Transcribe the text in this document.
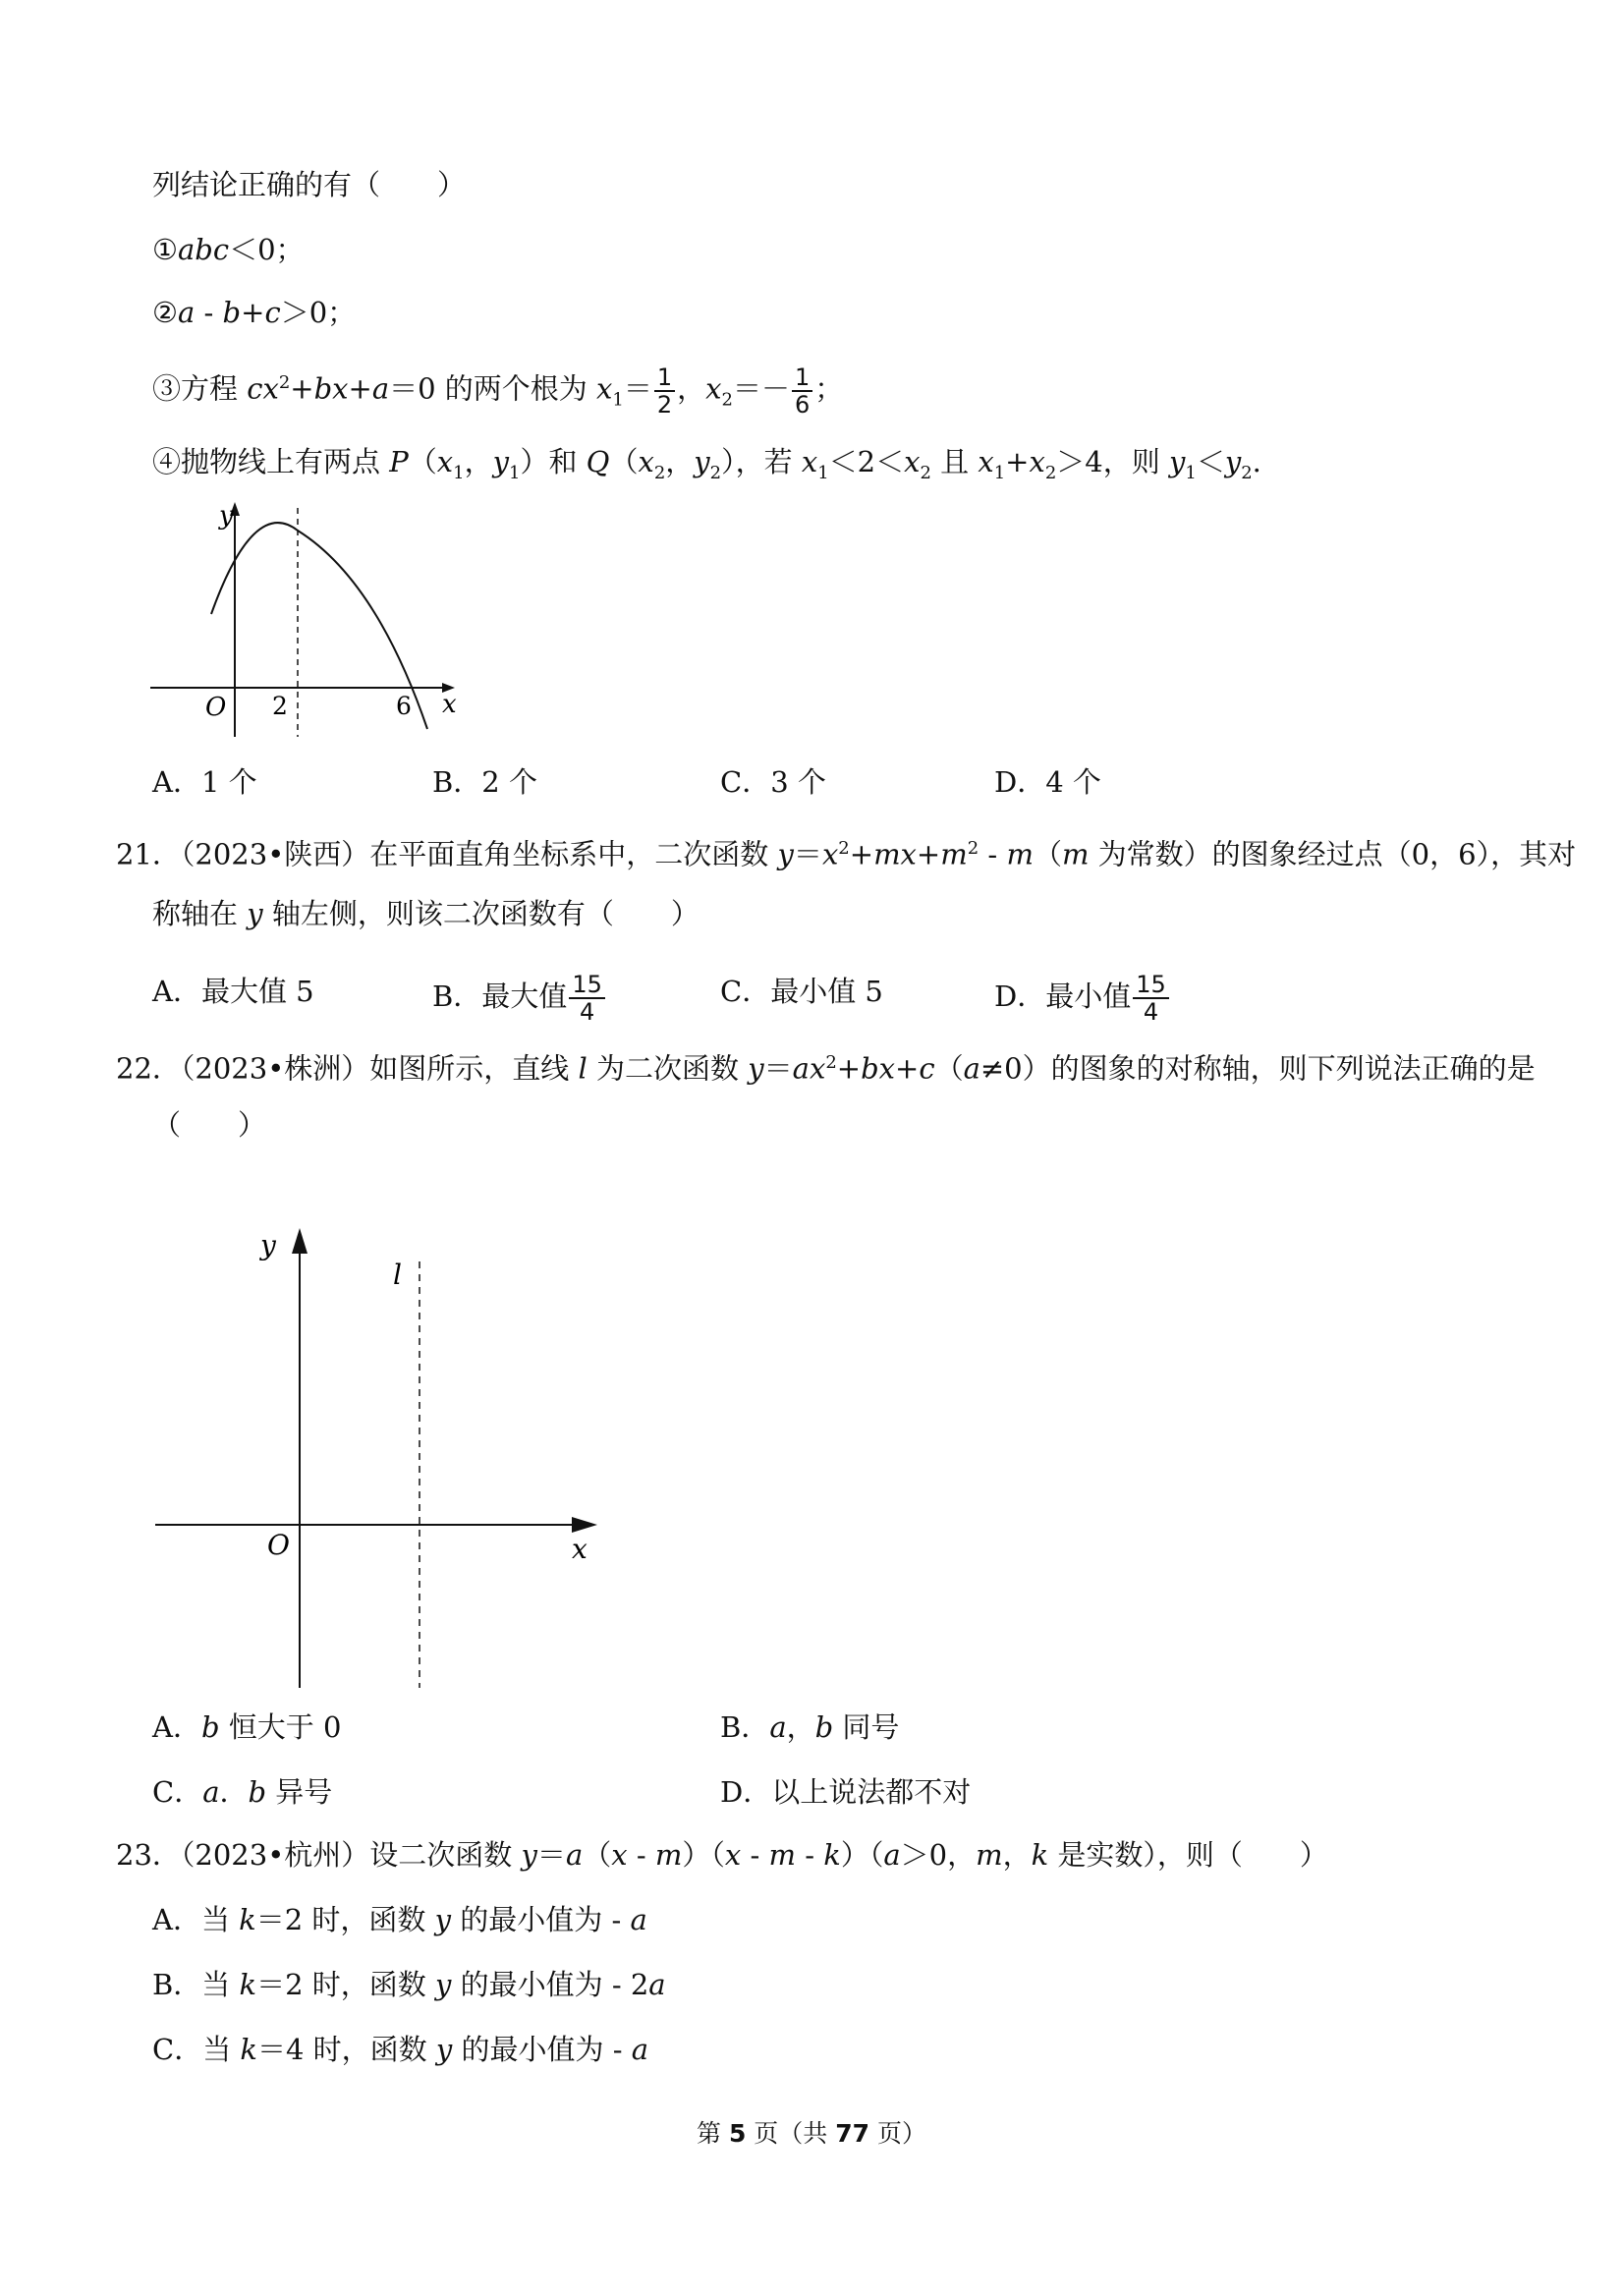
列结论正确的有（　　）
①abc＜0；
②a - b+c＞0；
③方程 $cx^2+bx+a=0$ 的两个根为 $x_1= \frac{1}{2}$ ，$x_2=- \frac{1}{6}$ ；
④抛物线上有两点 $P(x_1$，$y_1$）和 $Q(x_2$，$y_2$），若 $x_1<2<x_2$ 且 $x_1+x_2>4$，则 $y_1<y_2$.
y
x
O 2	6
A．1 个	B．2 个	C．3 个	D．4 个
21．（2023•陕西）在平面直角坐标系中，二次函数 $y=x^2+mx+m^2 - m(m$ 为常数）的图象经过点（0，6），其对
称轴在 y 轴左侧，则该二次函数有（　　）
A．最大值 5	B．最大值 $\frac{15}{4}$	C．最小值 5	D．最小值 $\frac{15}{4}$
22．（2023•株洲）如图所示，直线 l 为二次函数 $y=ax^2+bx+c(a\ne 0)$的图象的对称轴，则下列说法正确的是
（　　）
y
l
O	x
A．b 恒大于 0	B．a，b 同号
C．a．b 异号	D．以上说法都不对
23．（2023•杭州）设二次函数 y＝a（x - m）（x - m - k）（a＞0，m，k 是实数），则（　　）
A．当 k＝2 时，函数 y 的最小值为 - a
B．当 k＝2 时，函数 y 的最小值为 - 2a
C．当 k＝4 时，函数 y 的最小值为 - a
第 5 页（共 77 页）
